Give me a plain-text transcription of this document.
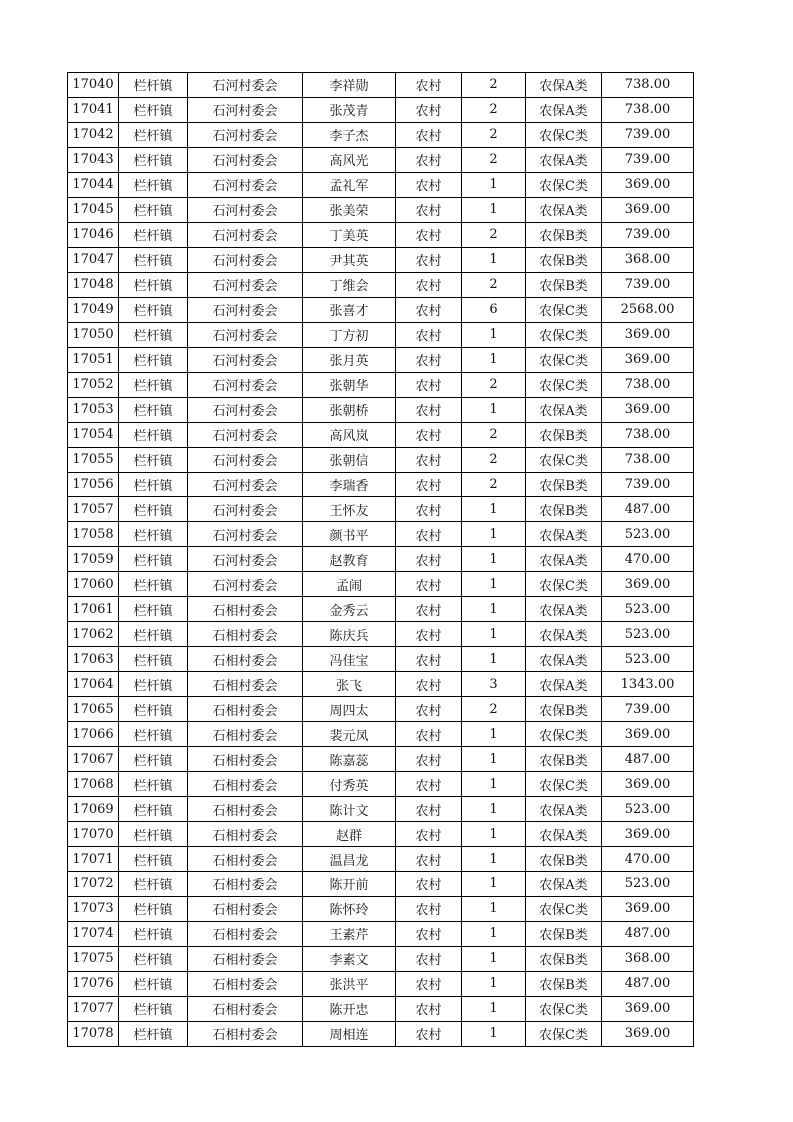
17040	栏杆镇	石河村委会	李祥勋	农村	2	农保A类	738.00
17041	栏杆镇	石河村委会	张茂青	农村	2	农保A类	738.00
17042	栏杆镇	石河村委会	李子杰	农村	2	农保C类	739.00
17043	栏杆镇	石河村委会	高风光	农村	2	农保A类	739.00
17044	栏杆镇	石河村委会	孟礼军	农村	1	农保C类	369.00
17045	栏杆镇	石河村委会	张美荣	农村	1	农保A类	369.00
17046	栏杆镇	石河村委会	丁美英	农村	2	农保B类	739.00
17047	栏杆镇	石河村委会	尹其英	农村	1	农保B类	368.00
17048	栏杆镇	石河村委会	丁维会	农村	2	农保B类	739.00
17049	栏杆镇	石河村委会	张喜才	农村	6	农保C类	2568.00
17050	栏杆镇	石河村委会	丁方初	农村	1	农保C类	369.00
17051	栏杆镇	石河村委会	张月英	农村	1	农保C类	369.00
17052	栏杆镇	石河村委会	张朝华	农村	2	农保C类	738.00
17053	栏杆镇	石河村委会	张朝桥	农村	1	农保A类	369.00
17054	栏杆镇	石河村委会	高风岚	农村	2	农保B类	738.00
17055	栏杆镇	石河村委会	张朝信	农村	2	农保C类	738.00
17056	栏杆镇	石河村委会	李瑞香	农村	2	农保B类	739.00
17057	栏杆镇	石河村委会	王怀友	农村	1	农保B类	487.00
17058	栏杆镇	石河村委会	颜书平	农村	1	农保A类	523.00
17059	栏杆镇	石河村委会	赵教育	农村	1	农保A类	470.00
17060	栏杆镇	石河村委会	孟闹	农村	1	农保C类	369.00
17061	栏杆镇	石相村委会	金秀云	农村	1	农保A类	523.00
17062	栏杆镇	石相村委会	陈庆兵	农村	1	农保A类	523.00
17063	栏杆镇	石相村委会	冯佳宝	农村	1	农保A类	523.00
17064	栏杆镇	石相村委会	张飞	农村	3	农保A类	1343.00
17065	栏杆镇	石相村委会	周四太	农村	2	农保B类	739.00
17066	栏杆镇	石相村委会	裴元凤	农村	1	农保C类	369.00
17067	栏杆镇	石相村委会	陈嘉蕊	农村	1	农保B类	487.00
17068	栏杆镇	石相村委会	付秀英	农村	1	农保C类	369.00
17069	栏杆镇	石相村委会	陈计文	农村	1	农保A类	523.00
17070	栏杆镇	石相村委会	赵群	农村	1	农保A类	369.00
17071	栏杆镇	石相村委会	温昌龙	农村	1	农保B类	470.00
17072	栏杆镇	石相村委会	陈开前	农村	1	农保A类	523.00
17073	栏杆镇	石相村委会	陈怀玲	农村	1	农保C类	369.00
17074	栏杆镇	石相村委会	王素芹	农村	1	农保B类	487.00
17075	栏杆镇	石相村委会	李素文	农村	1	农保B类	368.00
17076	栏杆镇	石相村委会	张洪平	农村	1	农保B类	487.00
17077	栏杆镇	石相村委会	陈开忠	农村	1	农保C类	369.00
17078	栏杆镇	石相村委会	周相连	农村	1	农保C类	369.00
